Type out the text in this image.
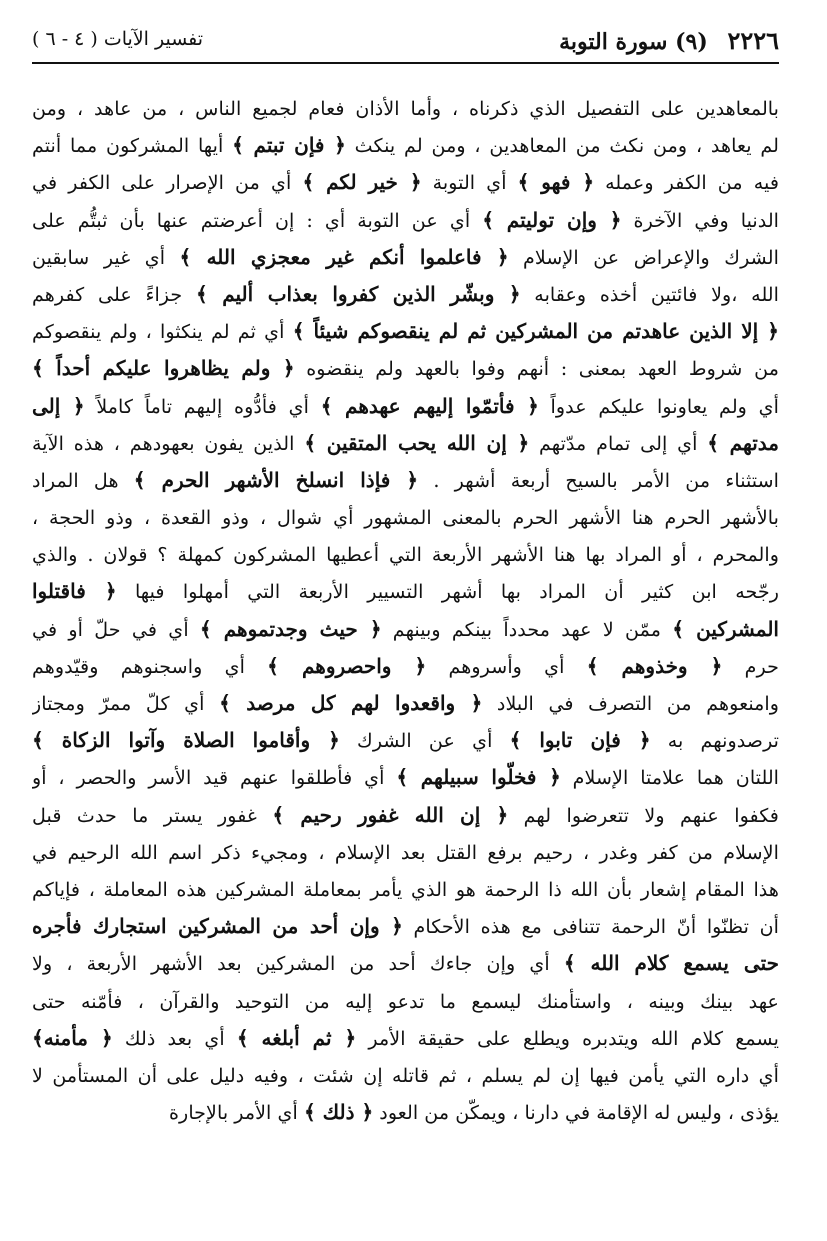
٢٢٢٦ (٩) سورة التوبة
تفسير الآيات ( ٤ - ٦ )
بالمعاهدين على التفصيل الذي ذكرناه ، وأما الأذان فعام لجميع الناس ، من عاهد ، ومن
لم يعاهد ، ومن نكث من المعاهدين ، ومن لم ينكث ﴿ فإن تبتم ﴾ أيها المشركون مما أنتم
فيه من الكفر وعمله ﴿ فهو ﴾ أي التوبة ﴿ خير لكم ﴾ أي من الإصرار على الكفر في
الدنيا وفي الآخرة ﴿ وإن توليتم ﴾ أي عن التوبة أي : إن أعرضتم عنها بأن ثبتُّم على
الشرك والإعراض عن الإسلام ﴿ فاعلموا أنكم غير معجزي الله ﴾ أي غير سابقين
الله ،ولا فائتين أخذه وعقابه ﴿ وبشّر الذين كفروا بعذاب أليم ﴾ جزاءً على كفرهم
﴿ إلا الذين عاهدتم من المشركين ثم لم ينقصوكم شيئاً ﴾ أي ثم لم ينكثوا ، ولم ينقصوكم
من شروط العهد بمعنى : أنهم وفوا بالعهد ولم ينقضوه ﴿ ولم يظاهروا عليكم أحداً ﴾
أي ولم يعاونوا عليكم عدواً ﴿ فأتمّوا إليهم عهدهم ﴾ أي فأدُّوه إليهم تاماً كاملاً ﴿ إلى
مدتهم ﴾ أي إلى تمام مدّتهم ﴿ إن الله يحب المتقين ﴾ الذين يفون بعهودهم ، هذه الآية
استثناء من الأمر بالسيح أربعة أشهر . ﴿ فإذا انسلخ الأشهر الحرم ﴾ هل المراد
بالأشهر الحرم هنا الأشهر الحرم بالمعنى المشهور أي شوال ، وذو القعدة ، وذو الحجة ،
والمحرم ، أو المراد بها هنا الأشهر الأربعة التي أعطيها المشركون كمهلة ؟ قولان . والذي
رجّحه ابن كثير أن المراد بها أشهر التسيير الأربعة التي أمهلوا فيها ﴿ فاقتلوا
المشركين ﴾ ممّن لا عهد محدداً بينكم وبينهم ﴿ حيث وجدتموهم ﴾ أي في حلّ أو في
حرم ﴿ وخذوهم ﴾ أي وأسروهم ﴿ واحصروهم ﴾ أي واسجنوهم وقيّدوهم
وامنعوهم من التصرف في البلاد ﴿ واقعدوا لهم كل مرصد ﴾ أي كلّ ممرّ ومجتاز
ترصدونهم به ﴿ فإن تابوا ﴾ أي عن الشرك ﴿ وأقاموا الصلاة وآتوا الزكاة ﴾
اللتان هما علامتا الإسلام ﴿ فخلّوا سبيلهم ﴾ أي فأطلقوا عنهم قيد الأسر والحصر ، أو
فكفوا عنهم ولا تتعرضوا لهم ﴿ إن الله غفور رحيم ﴾ غفور يستر ما حدث قبل
الإسلام من كفر وغدر ، رحيم برفع القتل بعد الإسلام ، ومجيء ذكر اسم الله الرحيم في
هذا المقام إشعار بأن الله ذا الرحمة هو الذي يأمر بمعاملة المشركين هذه المعاملة ، فإياكم
أن تظنّوا أنّ الرحمة تتنافى مع هذه الأحكام ﴿ وإن أحد من المشركين استجارك فأجره
حتى يسمع كلام الله ﴾ أي وإن جاءك أحد من المشركين بعد الأشهر الأربعة ، ولا
عهد بينك وبينه ، واستأمنك ليسمع ما تدعو إليه من التوحيد والقرآن ، فأمّنه حتى
يسمع كلام الله ويتدبره ويطلع على حقيقة الأمر ﴿ ثم أبلغه ﴾ أي بعد ذلك ﴿ مأمنه﴾
أي داره التي يأمن فيها إن لم يسلم ، ثم قاتله إن شئت ، وفيه دليل على أن المستأمن لا
يؤذى ، وليس له الإقامة في دارنا ، ويمكّن من العود ﴿ ذلك ﴾ أي الأمر بالإجارة
